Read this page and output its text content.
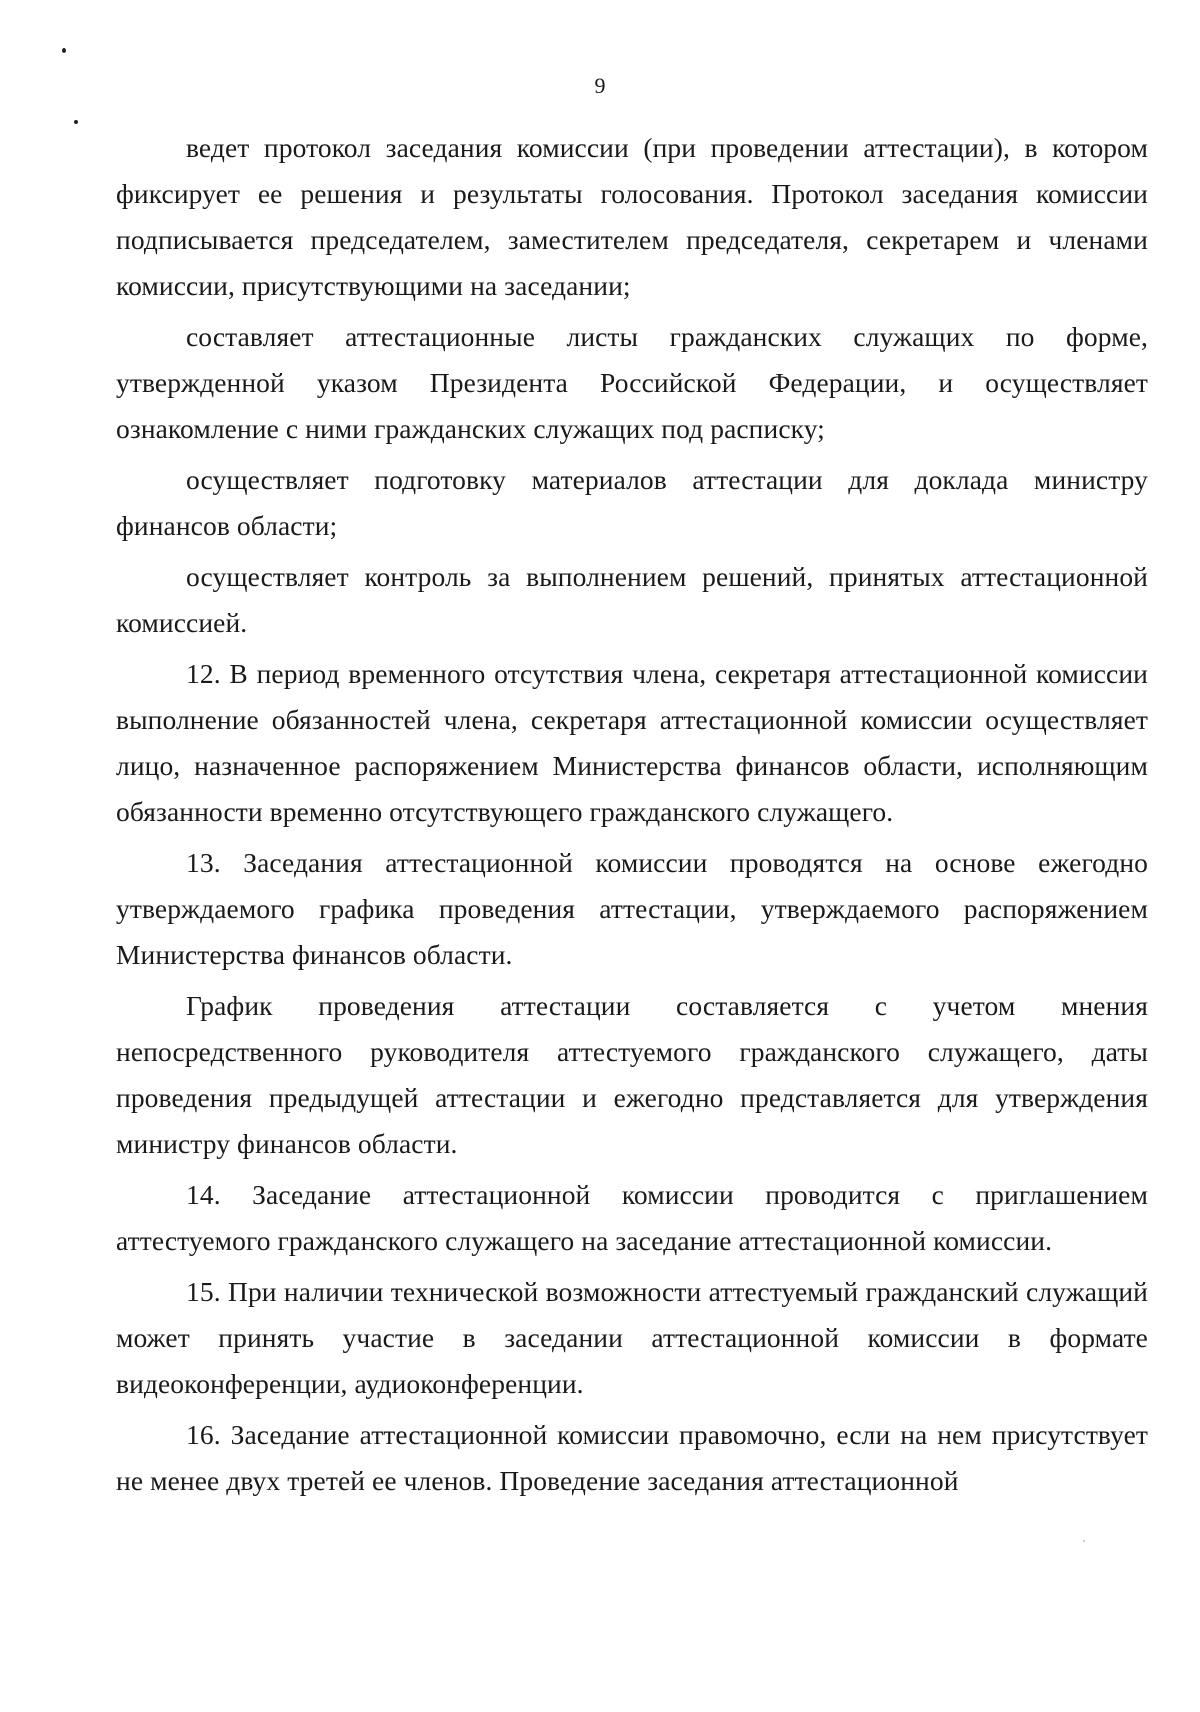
9

ведет протокол заседания комиссии (при проведении аттестации), в котором фиксирует ее решения и результаты голосования. Протокол заседания комиссии подписывается председателем, заместителем председателя, секретарем и членами комиссии, присутствующими на заседании;

составляет аттестационные листы гражданских служащих по форме, утвержденной указом Президента Российской Федерации, и осуществляет ознакомление с ними гражданских служащих под расписку;

осуществляет подготовку материалов аттестации для доклада министру финансов области;

осуществляет контроль за выполнением решений, принятых аттестационной комиссией.

12. В период временного отсутствия члена, секретаря аттестационной комиссии выполнение обязанностей члена, секретаря аттестационной комиссии осуществляет лицо, назначенное распоряжением Министерства финансов области, исполняющим обязанности временно отсутствующего гражданского служащего.

13. Заседания аттестационной комиссии проводятся на основе ежегодно утверждаемого графика проведения аттестации, утверждаемого распоряжением Министерства финансов области.

График проведения аттестации составляется с учетом мнения непосредственного руководителя аттестуемого гражданского служащего, даты проведения предыдущей аттестации и ежегодно представляется для утверждения министру финансов области.

14. Заседание аттестационной комиссии проводится с приглашением аттестуемого гражданского служащего на заседание аттестационной комиссии.

15. При наличии технической возможности аттестуемый гражданский служащий может принять участие в заседании аттестационной комиссии в формате видеоконференции, аудиоконференции.

16. Заседание аттестационной комиссии правомочно, если на нем присутствует не менее двух третей ее членов. Проведение заседания аттестационной
